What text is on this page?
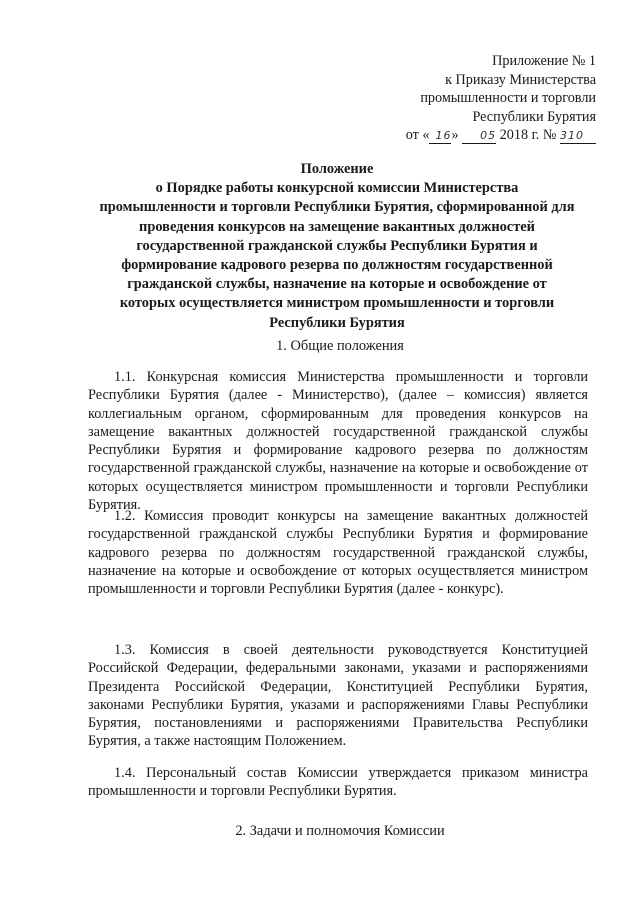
Приложение № 1
к Приказу Министерства
промышленности и торговли
Республики Бурятия
от « 16» 05 2018 г. № 310
Положение
о Порядке работы конкурсной комиссии Министерства
промышленности и торговли Республики Бурятия, сформированной для
проведения конкурсов на замещение вакантных должностей
государственной гражданской службы Республики Бурятия и
формирование кадрового резерва по должностям государственной
гражданской службы, назначение на которые и освобождение от
которых осуществляется министром промышленности и торговли
Республики Бурятия
1. Общие положения

1.1. Конкурсная комиссия Министерства промышленности и торговли Республики Бурятия (далее - Министерство), (далее – комиссия) является коллегиальным органом, сформированным для проведения конкурсов на замещение вакантных должностей государственной гражданской службы Республики Бурятия и формирование кадрового резерва по должностям государственной гражданской службы, назначение на которые и освобождение от которых осуществляется министром промышленности и торговли Республики Бурятия.

1.2. Комиссия проводит конкурсы на замещение вакантных должностей государственной гражданской службы Республики Бурятия и формирование кадрового резерва по должностям государственной гражданской службы, назначение на которые и освобождение от которых осуществляется министром промышленности и торговли Республики Бурятия (далее - конкурс).

1.3. Комиссия в своей деятельности руководствуется Конституцией Российской Федерации, федеральными законами, указами и распоряжениями Президента Российской Федерации, Конституцией Республики Бурятия, законами Республики Бурятия, указами и распоряжениями Главы Республики Бурятия, постановлениями и распоряжениями Правительства Республики Бурятия, а также настоящим Положением.

1.4. Персональный состав Комиссии утверждается приказом министра промышленности и торговли Республики Бурятия.

2. Задачи и полномочия Комиссии
